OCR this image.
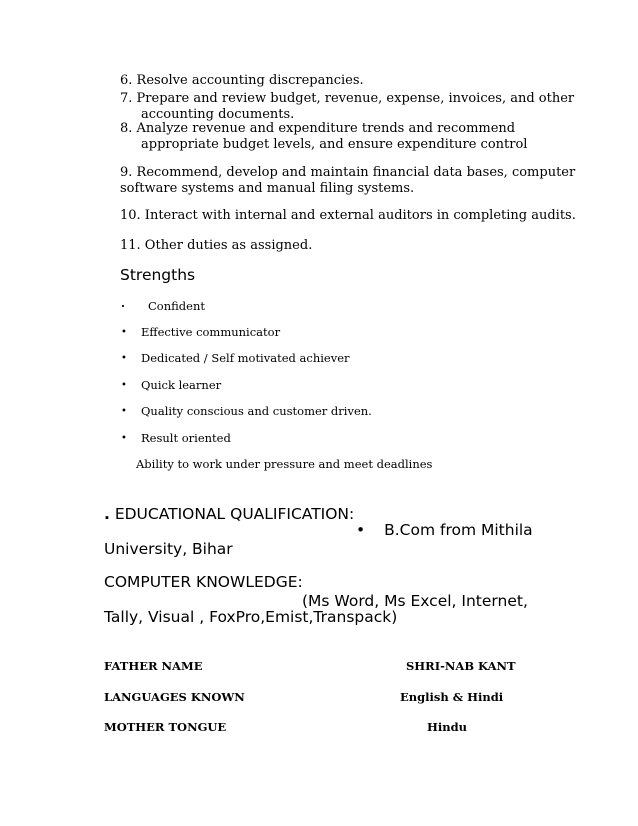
6. Resolve accounting discrepancies.
7. Prepare and review budget, revenue, expense, invoices, and other
accounting documents.
8. Analyze revenue and expenditure trends and recommend
appropriate budget levels, and ensure expenditure control
9. Recommend, develop and maintain financial data bases, computer
software systems and manual filing systems.
10. Interact with internal and external auditors in completing audits.
11. Other duties as assigned.
Strengths
. Confident
• Effective communicator
• Dedicated / Self motivated achiever
• Quick learner
• Quality conscious and customer driven.
• Result oriented
Ability to work under pressure and meet deadlines
. EDUCATIONAL QUALIFICATION:
• B.Com from Mithila
University, Bihar
COMPUTER KNOWLEDGE:
(Ms Word, Ms Excel, Internet,
Tally, Visual , FoxPro,Emist,Transpack)
FATHER NAME	SHRI-NAB KANT
LANGUAGES KNOWN	English & Hindi
MOTHER TONGUE	Hindu
